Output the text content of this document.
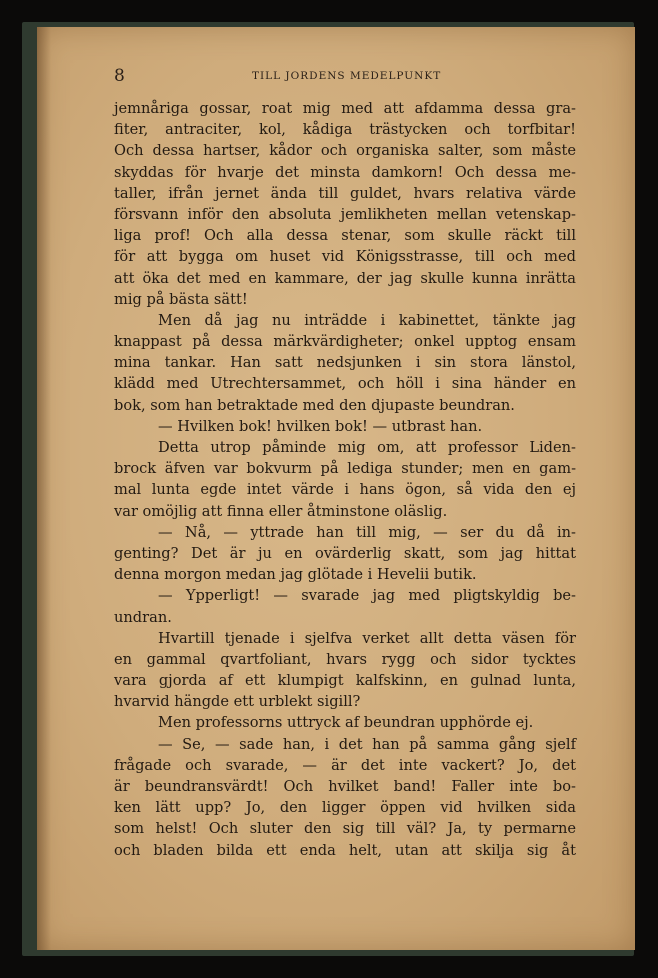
8	TILL JORDENS MEDELPUNKT
jemnåriga gossar, roat mig med att afdamma dessa gra-
fiter, antraciter, kol, kådiga trästycken och torfbitar!
Och dessa hartser, kådor och organiska salter, som måste
skyddas för hvarje det minsta damkorn! Och dessa me-
taller, ifrån jernet ända till guldet, hvars relativa värde
försvann inför den absoluta jemlikheten mellan vetenskap-
liga prof! Och alla dessa stenar, som skulle räckt till
för att bygga om huset vid Königsstrasse, till och med
att öka det med en kammare, der jag skulle kunna inrätta
mig på bästa sätt!
Men då jag nu inträdde i kabinettet, tänkte jag
knappast på dessa märkvärdigheter; onkel upptog ensam
mina tankar. Han satt nedsjunken i sin stora länstol,
klädd med Utrechtersammet, och höll i sina händer en
bok, som han betraktade med den djupaste beundran.
— Hvilken bok! hvilken bok! — utbrast han.
Detta utrop påminde mig om, att professor Liden-
brock äfven var bokvurm på lediga stunder; men en gam-
mal lunta egde intet värde i hans ögon, så vida den ej
var omöjlig att finna eller åtminstone oläslig.
— Nå, — yttrade han till mig, — ser du då in-
genting? Det är ju en ovärderlig skatt, som jag hittat
denna morgon medan jag glötade i Hevelii butik.
— Ypperligt! — svarade jag med pligtskyldig be-
undran.
Hvartill tjenade i sjelfva verket allt detta väsen för
en gammal qvartfoliant, hvars rygg och sidor tycktes
vara gjorda af ett klumpigt kalfskinn, en gulnad lunta,
hvarvid hängde ett urblekt sigill?
Men professorns uttryck af beundran upphörde ej.
— Se, — sade han, i det han på samma gång sjelf
frågade och svarade, — är det inte vackert? Jo, det
är beundransvärdt! Och hvilket band! Faller inte bo-
ken lätt upp? Jo, den ligger öppen vid hvilken sida
som helst! Och sluter den sig till väl? Ja, ty permarne
och bladen bilda ett enda helt, utan att skilja sig åt
